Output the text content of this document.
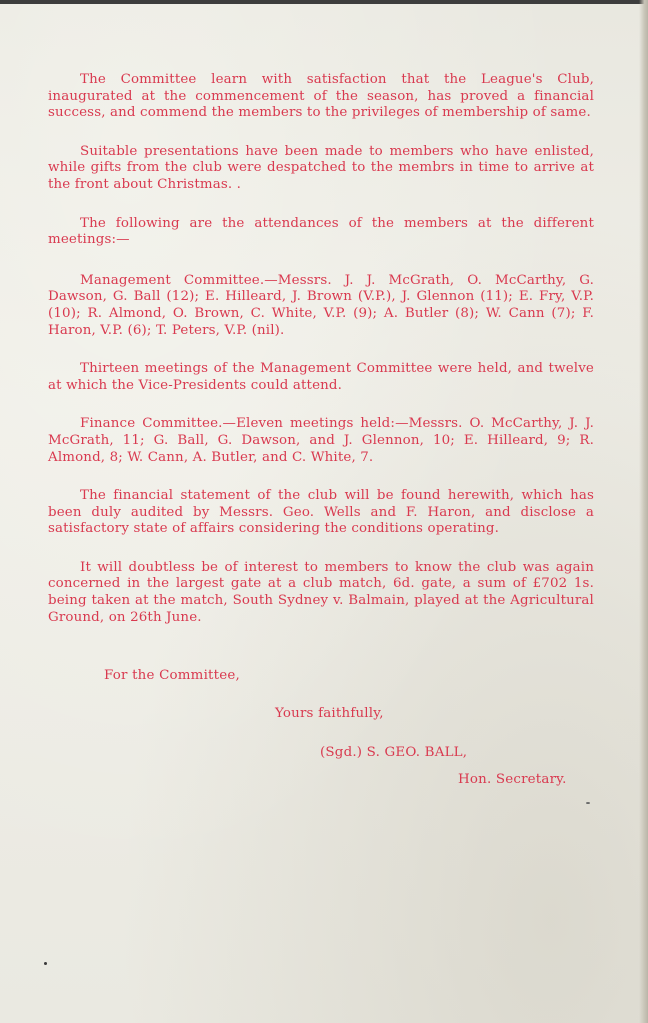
The Committee learn with satisfaction that the League's Club, inaugurated at the commencement of the season, has proved a financial success, and commend the members to the privileges of membership of same.

Suitable presentations have been made to members who have enlisted, while gifts from the club were despatched to the membrs in time to arrive at the front about Christmas. .

The following are the attendances of the members at the different meetings:—

Management Committee.—Messrs. J. J. McGrath, O. McCarthy, G. Dawson, G. Ball (12); E. Hilleard, J. Brown (V.P.), J. Glennon (11); E. Fry, V.P. (10); R. Almond, O. Brown, C. White, V.P. (9); A. Butler (8); W. Cann (7); F. Haron, V.P. (6); T. Peters, V.P. (nil).

Thirteen meetings of the Management Committee were held, and twelve at which the Vice-Presidents could attend.

Finance Committee.—Eleven meetings held:—Messrs. O. McCarthy, J. J. McGrath, 11; G. Ball, G. Dawson, and J. Glennon, 10; E. Hilleard, 9; R. Almond, 8; W. Cann, A. Butler, and C. White, 7.

The financial statement of the club will be found herewith, which has been duly audited by Messrs. Geo. Wells and F. Haron, and disclose a satisfactory state of affairs considering the conditions operating.

It will doubtless be of interest to members to know the club was again concerned in the largest gate at a club match, 6d. gate, a sum of £702 1s. being taken at the match, South Sydney v. Balmain, played at the Agricultural Ground, on 26th June.

For the Committee,
Yours faithfully,
(Sgd.) S. GEO. BALL,
Hon. Secretary.
